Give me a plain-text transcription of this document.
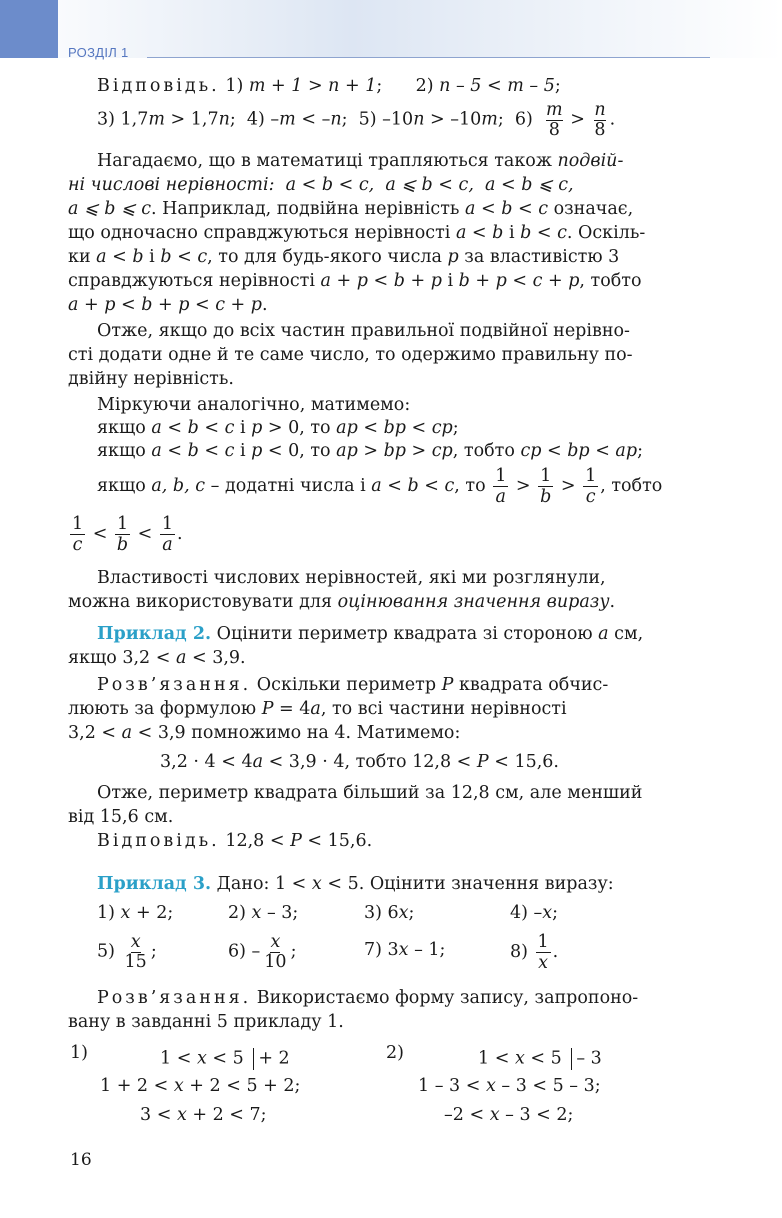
РОЗДІЛ 1
Відповідь. 1) m + 1 > n + 1;      2) n – 5 < m – 5;
3) 1,7m > 1,7n;  4) –m < –n;  5) –10n > –10m;  $6) \frac{m}{8} > \frac{n}{8}$ .
Нагадаємо, що в математиці трапляються також подвій-
ні числові нерівності:  a < b < c,  a ⩽ b < c,  a < b ⩽ c,
a ⩽ b ⩽ c. Наприклад, подвійна нерівність a < b < c означає,
що одночасно справджуються нерівності a < b і b < c. Оскіль-
ки a < b і b < c, то для будь-якого числа p за властивістю 3
справджуються нерівності a + p < b + p і b + p < c + p, тобто
a + p < b + p < c + p.
Отже, якщо до всіх частин правильної подвійної нерівно-
сті додати одне й те саме число, то одержимо правильну по-
двійну нерівність.
Міркуючи аналогічно, матимемо:
якщо a < b < c і p > 0, то ap < bp < cp;
якщо a < b < c і p < 0, то ap > bp > cp, тобто cp < bp < ap;
якщо a, b, c – додатні числа і a < b < c, то $\frac{1}{a} > \frac{1}{b} > \frac{1}{c}$ , тобто
$\frac{1}{c} < \frac{1}{b} < \frac{1}{a}$ .
Властивості числових нерівностей, які ми розглянули,
можна використовувати для оцінювання значення виразу.
Приклад 2. Оцінити периметр квадрата зі стороною a см,
якщо 3,2 < a < 3,9.
Розв’язання. Оскільки периметр P квадрата обчис-
люють за формулою P = 4a, то всі частини нерівності
3,2 < a < 3,9 помножимо на 4. Матимемо:
3,2 · 4 < 4a < 3,9 · 4, тобто 12,8 < P < 15,6.
Отже, периметр квадрата більший за 12,8 см, але менший
від 15,6 см.
Відповідь. 12,8 < P < 15,6.
Приклад 3. Дано: 1 < x < 5. Оцінити значення виразу:
1) x + 2;	2) x – 3;	3) 6x;	4) –x;
$5) \frac{x}{15}$ ;	$6) - \frac{x}{10}$ ;	7) 3x – 1;	$8) \frac{1}{x}$ .
Розв’язання. Використаємо форму запису, запропоно-
вану в завданні 5 прикладу 1.
1)	1 < x < 5 + 2
1 + 2 < x + 2 < 5 + 2;
3 < x + 2 < 7;
2)	1 < x < 5 – 3
1 – 3 < x – 3 < 5 – 3;
–2 < x – 3 < 2;
16
